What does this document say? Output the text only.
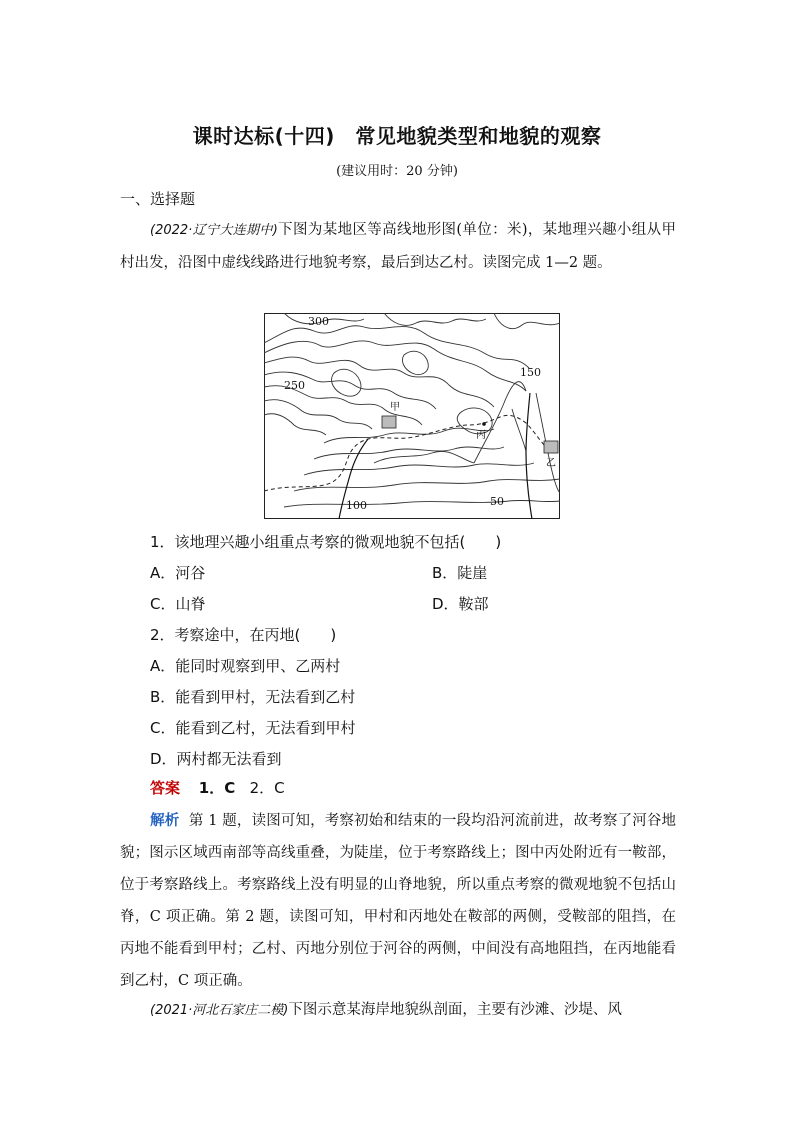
课时达标(十四)　常见地貌类型和地貌的观察
(建议用时：20 分钟)
一、选择题
(2022·辽宁大连期中)下图为某地区等高线地形图(单位：米)，某地理兴趣小组从甲村出发，沿图中虚线线路进行地貌考察，最后到达乙村。读图完成 1—2 题。
300
250
150
100	50
甲
丙
乙
1．该地理兴趣小组重点考察的微观地貌不包括(　　)
A．河谷	B．陡崖
C．山脊	D．鞍部
2．考察途中，在丙地(　　)
A．能同时观察到甲、乙两村
B．能看到甲村，无法看到乙村
C．能看到乙村，无法看到甲村
D．两村都无法看到
答案 1．C 2．C
解析 第 1 题，读图可知，考察初始和结束的一段均沿河流前进，故考察了河谷地貌；图示区域西南部等高线重叠，为陡崖，位于考察路线上；图中丙处附近有一鞍部，位于考察路线上。考察路线上没有明显的山脊地貌，所以重点考察的微观地貌不包括山脊，C 项正确。第 2 题，读图可知，甲村和丙地处在鞍部的两侧，受鞍部的阻挡，在丙地不能看到甲村；乙村、丙地分别位于河谷的两侧，中间没有高地阻挡，在丙地能看到乙村，C 项正确。
(2021·河北石家庄二模)下图示意某海岸地貌纵剖面，主要有沙滩、沙堤、风
